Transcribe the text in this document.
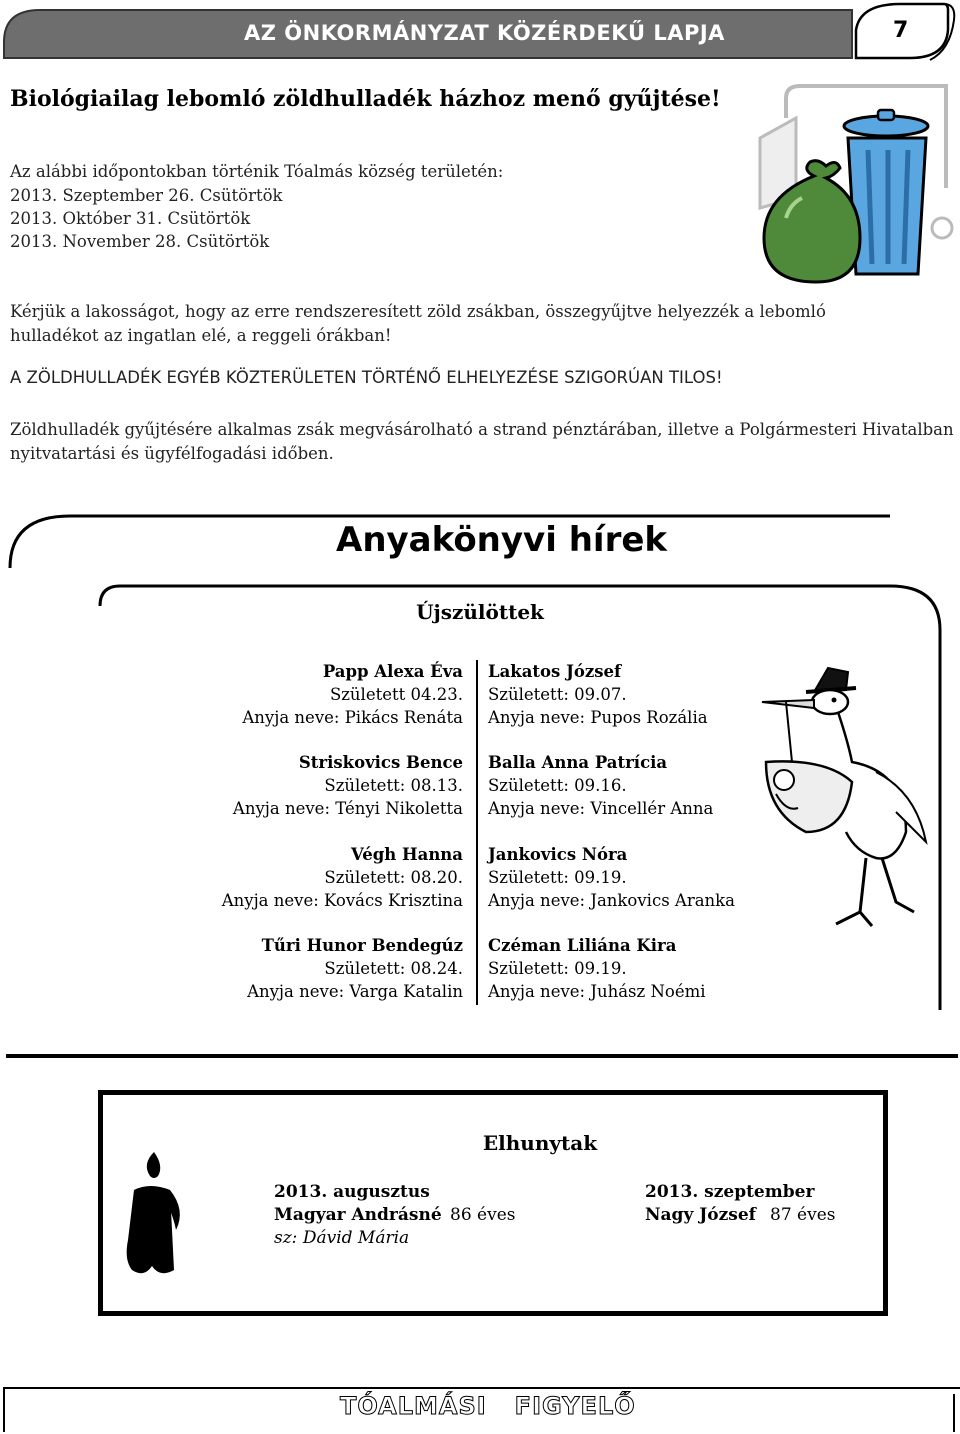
AZ ÖNKORMÁNYZAT KÖZÉRDEKŰ LAPJA	7
Biológiailag lebomló zöldhulladék házhoz menő gyűjtése!
Az alábbi időpontokban történik Tóalmás község területén:
2013. Szeptember 26. Csütörtök
2013. Október 31. Csütörtök
2013. November 28. Csütörtök
Kérjük a lakosságot, hogy az erre rendszeresített zöld zsákban, összegyűjtve helyezzék a lebomló
hulladékot az ingatlan elé, a reggeli órákban!
A ZÖLDHULLADÉK EGYÉB KÖZTERÜLETEN TÖRTÉNŐ ELHELYEZÉSE SZIGORÚAN TILOS!
Zöldhulladék gyűjtésére alkalmas zsák megvásárolható a strand pénztárában, illetve a Polgármesteri Hivatalban
nyitvatartási és ügyfélfogadási időben.
Anyakönyvi hírek
Újszülöttek
Papp Alexa Éva
Született 04.23.
Anyja neve: Pikács Renáta
Striskovics Bence
Született: 08.13.
Anyja neve: Tényi Nikoletta
Végh Hanna
Született: 08.20.
Anyja neve: Kovács Krisztina
Tűri Hunor Bendegúz
Született: 08.24.
Anyja neve: Varga Katalin
Lakatos József
Született: 09.07.
Anyja neve: Pupos Rozália
Balla Anna Patrícia
Született: 09.16.
Anyja neve: Vincellér Anna
Jankovics Nóra
Született: 09.19.
Anyja neve: Jankovics Aranka
Czéman Liliána Kira
Született: 09.19.
Anyja neve: Juhász Noémi
Elhunytak
2013. augusztus
Magyar Andrásné 86 éves
sz: Dávid Mária
2013. szeptember
Nagy József 87 éves
TÓALMÁSI FIGYELŐ
